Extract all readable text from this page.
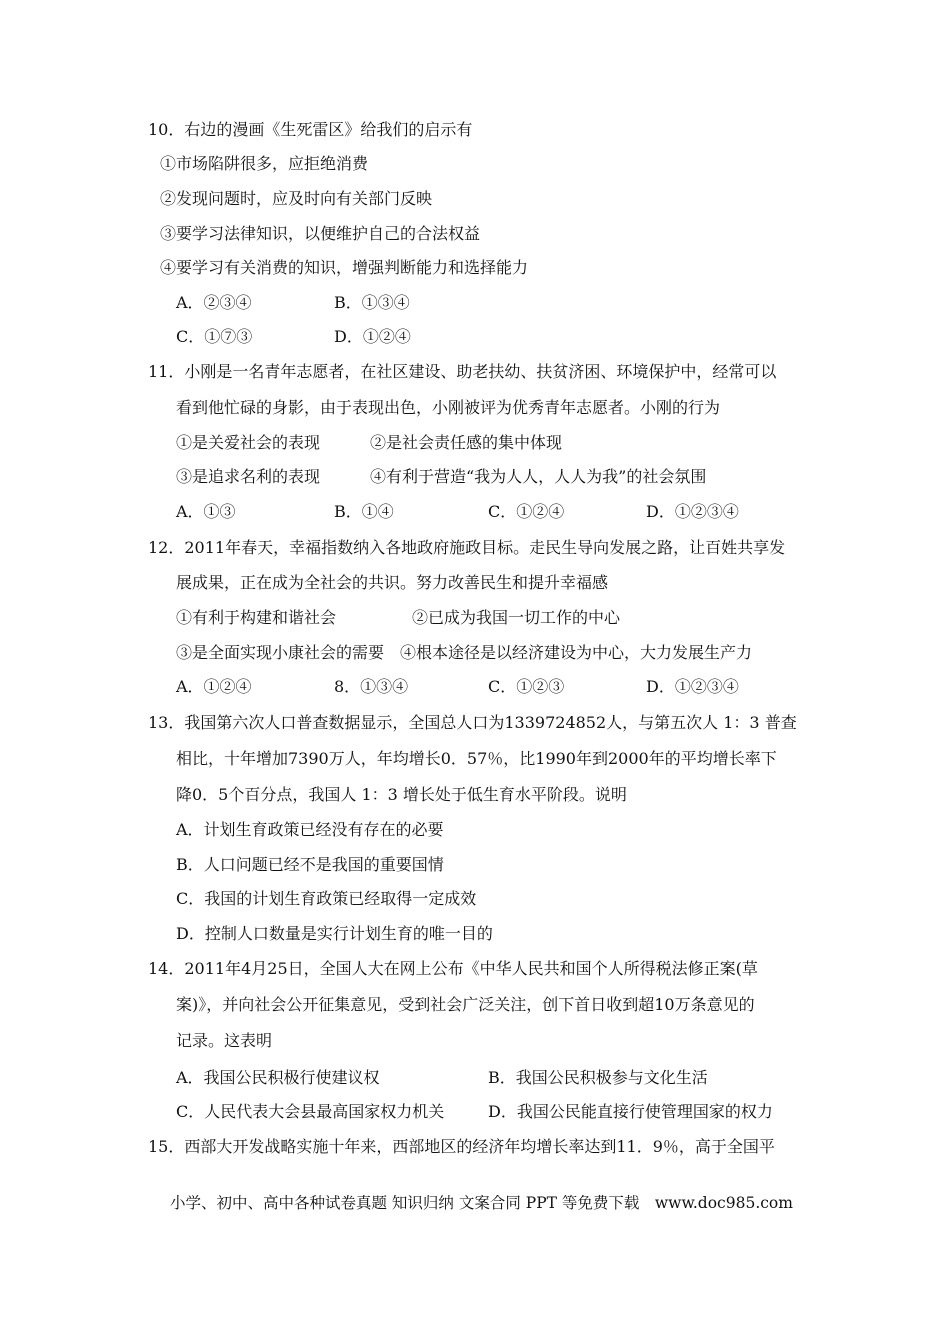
10．右边的漫画《生死雷区》给我们的启示有
①市场陷阱很多，应拒绝消费
②发现问题时，应及时向有关部门反映
③要学习法律知识，以便维护自己的合法权益
④要学习有关消费的知识，增强判断能力和选择能力
A．②③④	B．①③④
C．①⑦③	D．①②④
11．小刚是一名青年志愿者，在社区建设、助老扶幼、扶贫济困、环境保护中，经常可以
看到他忙碌的身影，由于表现出色，小刚被评为优秀青年志愿者。小刚的行为
①是关爱社会的表现	②是社会责任感的集中体现
③是追求名利的表现	④有利于营造“我为人人，人人为我”的社会氛围
A．①③	B．①④	C．①②④	D．①②③④
12．2011年春天，幸福指数纳入各地政府施政目标。走民生导向发展之路，让百姓共享发
展成果，正在成为全社会的共识。努力改善民生和提升幸福感
①有利于构建和谐社会	②已成为我国一切工作的中心
③是全面实现小康社会的需要 ④根本途径是以经济建设为中心，大力发展生产力
A．①②④	8．①③④	C．①②③	D．①②③④
13．我国第六次人口普查数据显示，全国总人口为1339724852人，与第五次人 1：3 普查
相比，十年增加7390万人，年均增长0．57％，比1990年到2000年的平均增长率下
降0．5个百分点，我国人 1：3 增长处于低生育水平阶段。说明
A．计划生育政策已经没有存在的必要
B．人口问题已经不是我国的重要国情
C．我国的计划生育政策已经取得一定成效
D．控制人口数量是实行计划生育的唯一目的
14．2011年4月25日，全国人大在网上公布《中华人民共和国个人所得税法修正案(草
案)》，并向社会公开征集意见，受到社会广泛关注，创下首日收到超10万条意见的
记录。这表明
A．我国公民积极行使建议权	B．我国公民积极参与文化生活
C．人民代表大会县最高国家权力机关	D．我国公民能直接行使管理国家的权力
15．西部大开发战略实施十年来，西部地区的经济年均增长率达到11．9％，高于全国平
小学、初中、高中各种试卷真题 知识归纳 文案合同 PPT 等免费下载　www.doc985.com
